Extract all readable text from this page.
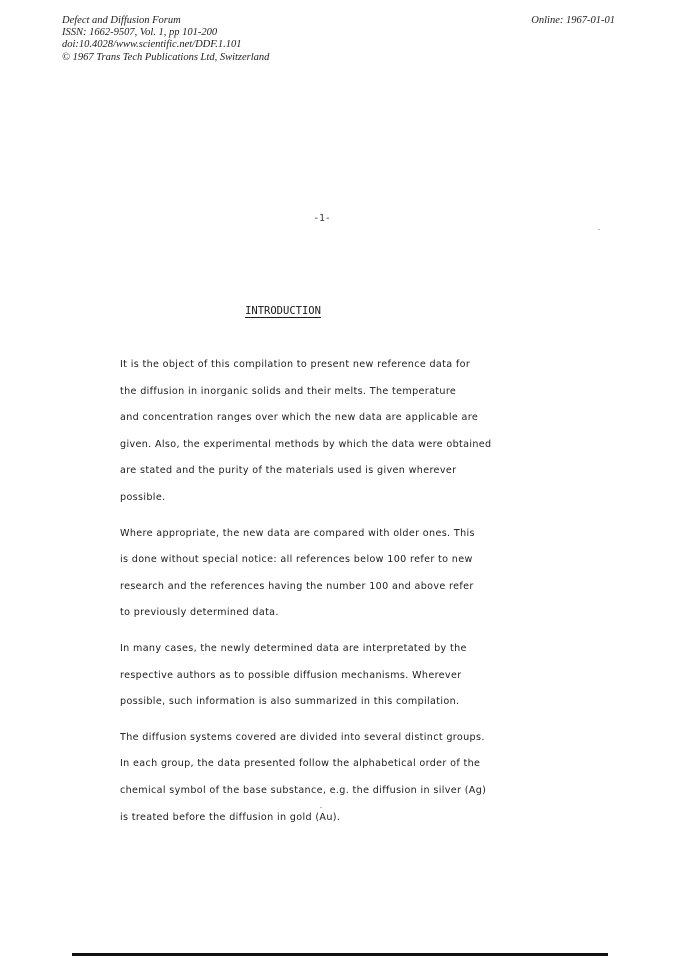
Defect and Diffusion Forum
ISSN: 1662-9507, Vol. 1, pp 101-200
doi:10.4028/www.scientific.net/DDF.1.101
© 1967 Trans Tech Publications Ltd, Switzerland
Online: 1967-01-01
-1-
INTRODUCTION
It is the object of this compilation to present new reference data for
the diffusion in inorganic solids and their melts. The temperature
and concentration ranges over which the new data are applicable are
given. Also, the experimental methods by which the data were obtained
are stated and the purity of the materials used is given wherever
possible.
Where appropriate, the new data are compared with older ones. This
is done without special notice: all references below 100 refer to new
research and the references having the number 100 and above refer
to previously determined data.
In many cases, the newly determined data are interpretated by the
respective authors as to possible diffusion mechanisms. Wherever
possible, such information is also summarized in this compilation.
The diffusion systems covered are divided into several distinct groups.
In each group, the data presented follow the alphabetical order of the
chemical symbol of the base substance, e.g. the diffusion in silver (Ag)
is treated before the diffusion in gold (Au).
